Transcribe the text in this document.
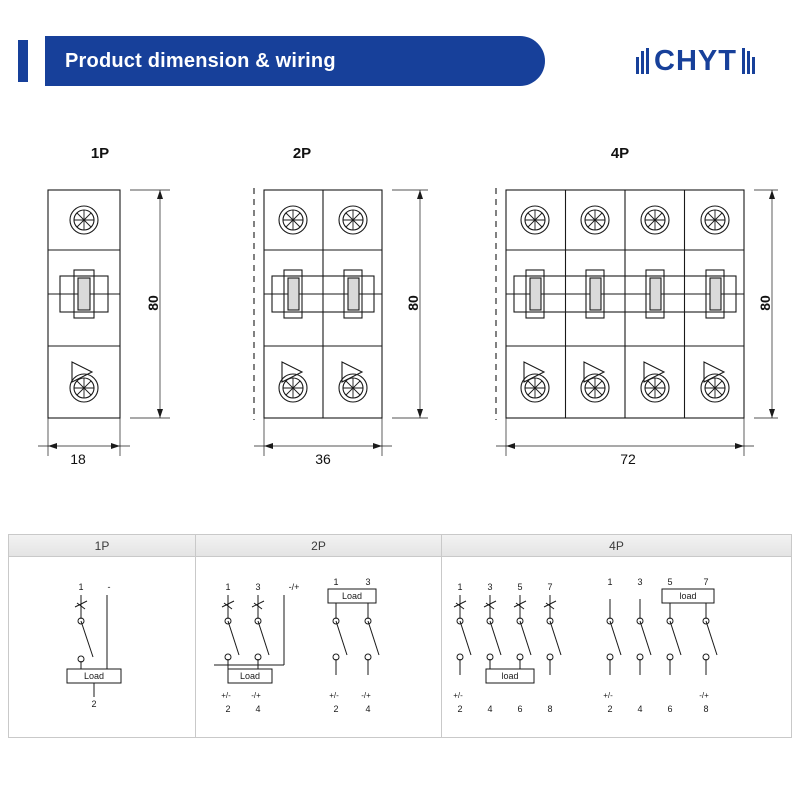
Product dimension & wiring	CHYT
1P	2P	4P
80
18
80
36
80
72
1P	2P	4P
Load
1	-
2
Load
1	3	-/+
+/-	-/+
2	4
Load
1	3
+/-	-/+
2	4
load
1	3	5	7
+/-
2	4	6	8
load
1	3	5	7
+/-	-/+
2	4	6	8
